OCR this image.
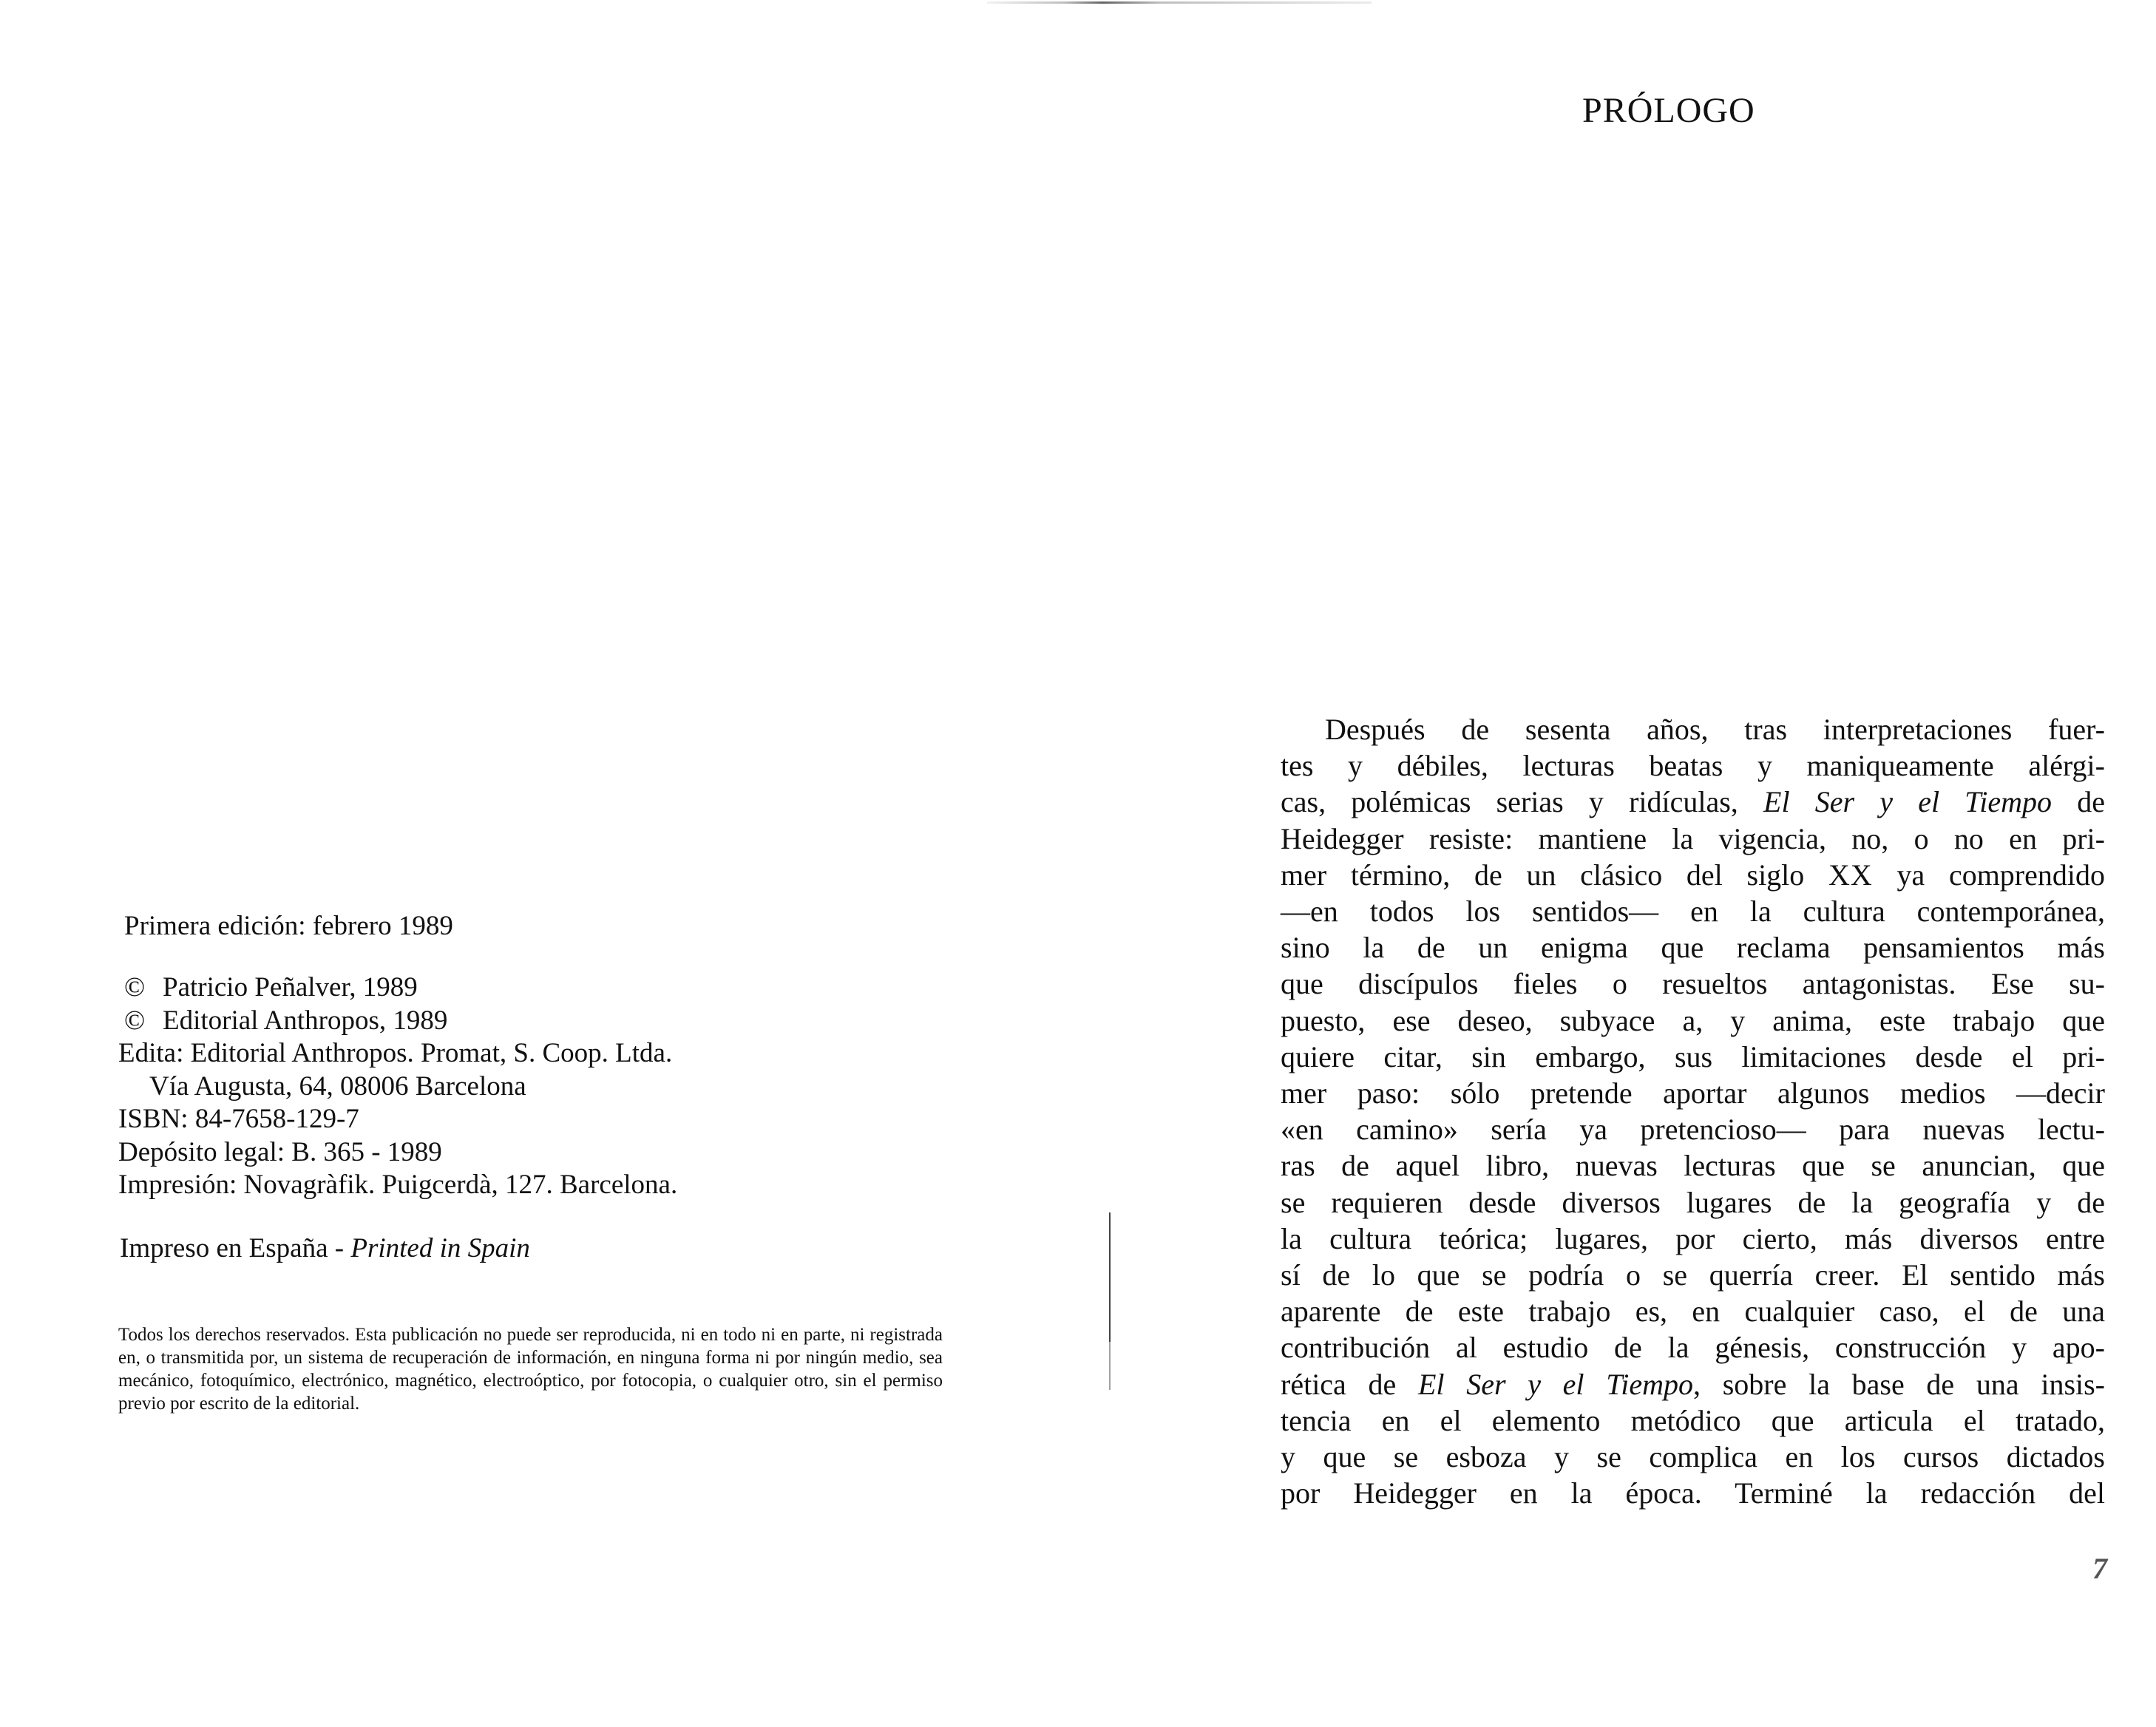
Primera edición: febrero 1989

© Patricio Peñalver, 1989
© Editorial Anthropos, 1989
Edita: Editorial Anthropos. Promat, S. Coop. Ltda.
Vía Augusta, 64, 08006 Barcelona
ISBN: 84-7658-129-7
Depósito legal: B. 365 - 1989
Impresión: Novagràfik. Puigcerdà, 127. Barcelona.

Impreso en España - Printed in Spain

Todos los derechos reservados. Esta publicación no puede ser reproducida, ni en todo ni en parte, ni registrada en, o transmitida por, un sistema de recuperación de información, en ninguna forma ni por ningún medio, sea mecánico, fotoquímico, electrónico, magnético, electroóptico, por fotocopia, o cualquier otro, sin el permiso previo por escrito de la editorial.

PRÓLOGO
Después de sesenta años, tras interpretaciones fuer-
tes y débiles, lecturas beatas y maniqueamente alérgi-
cas, polémicas serias y ridículas, El Ser y el Tiempo de
Heidegger resiste: mantiene la vigencia, no, o no en pri-
mer término, de un clásico del siglo XX ya comprendido
—en todos los sentidos— en la cultura contemporánea,
sino la de un enigma que reclama pensamientos más
que discípulos fieles o resueltos antagonistas. Ese su-
puesto, ese deseo, subyace a, y anima, este trabajo que
quiere citar, sin embargo, sus limitaciones desde el pri-
mer paso: sólo pretende aportar algunos medios —decir
«en camino» sería ya pretencioso— para nuevas lectu-
ras de aquel libro, nuevas lecturas que se anuncian, que
se requieren desde diversos lugares de la geografía y de
la cultura teórica; lugares, por cierto, más diversos entre
sí de lo que se podría o se querría creer. El sentido más
aparente de este trabajo es, en cualquier caso, el de una
contribución al estudio de la génesis, construcción y apo-
rética de El Ser y el Tiempo, sobre la base de una insis-
tencia en el elemento metódico que articula el tratado,
y que se esboza y se complica en los cursos dictados
por Heidegger en la época. Terminé la redacción del
7
